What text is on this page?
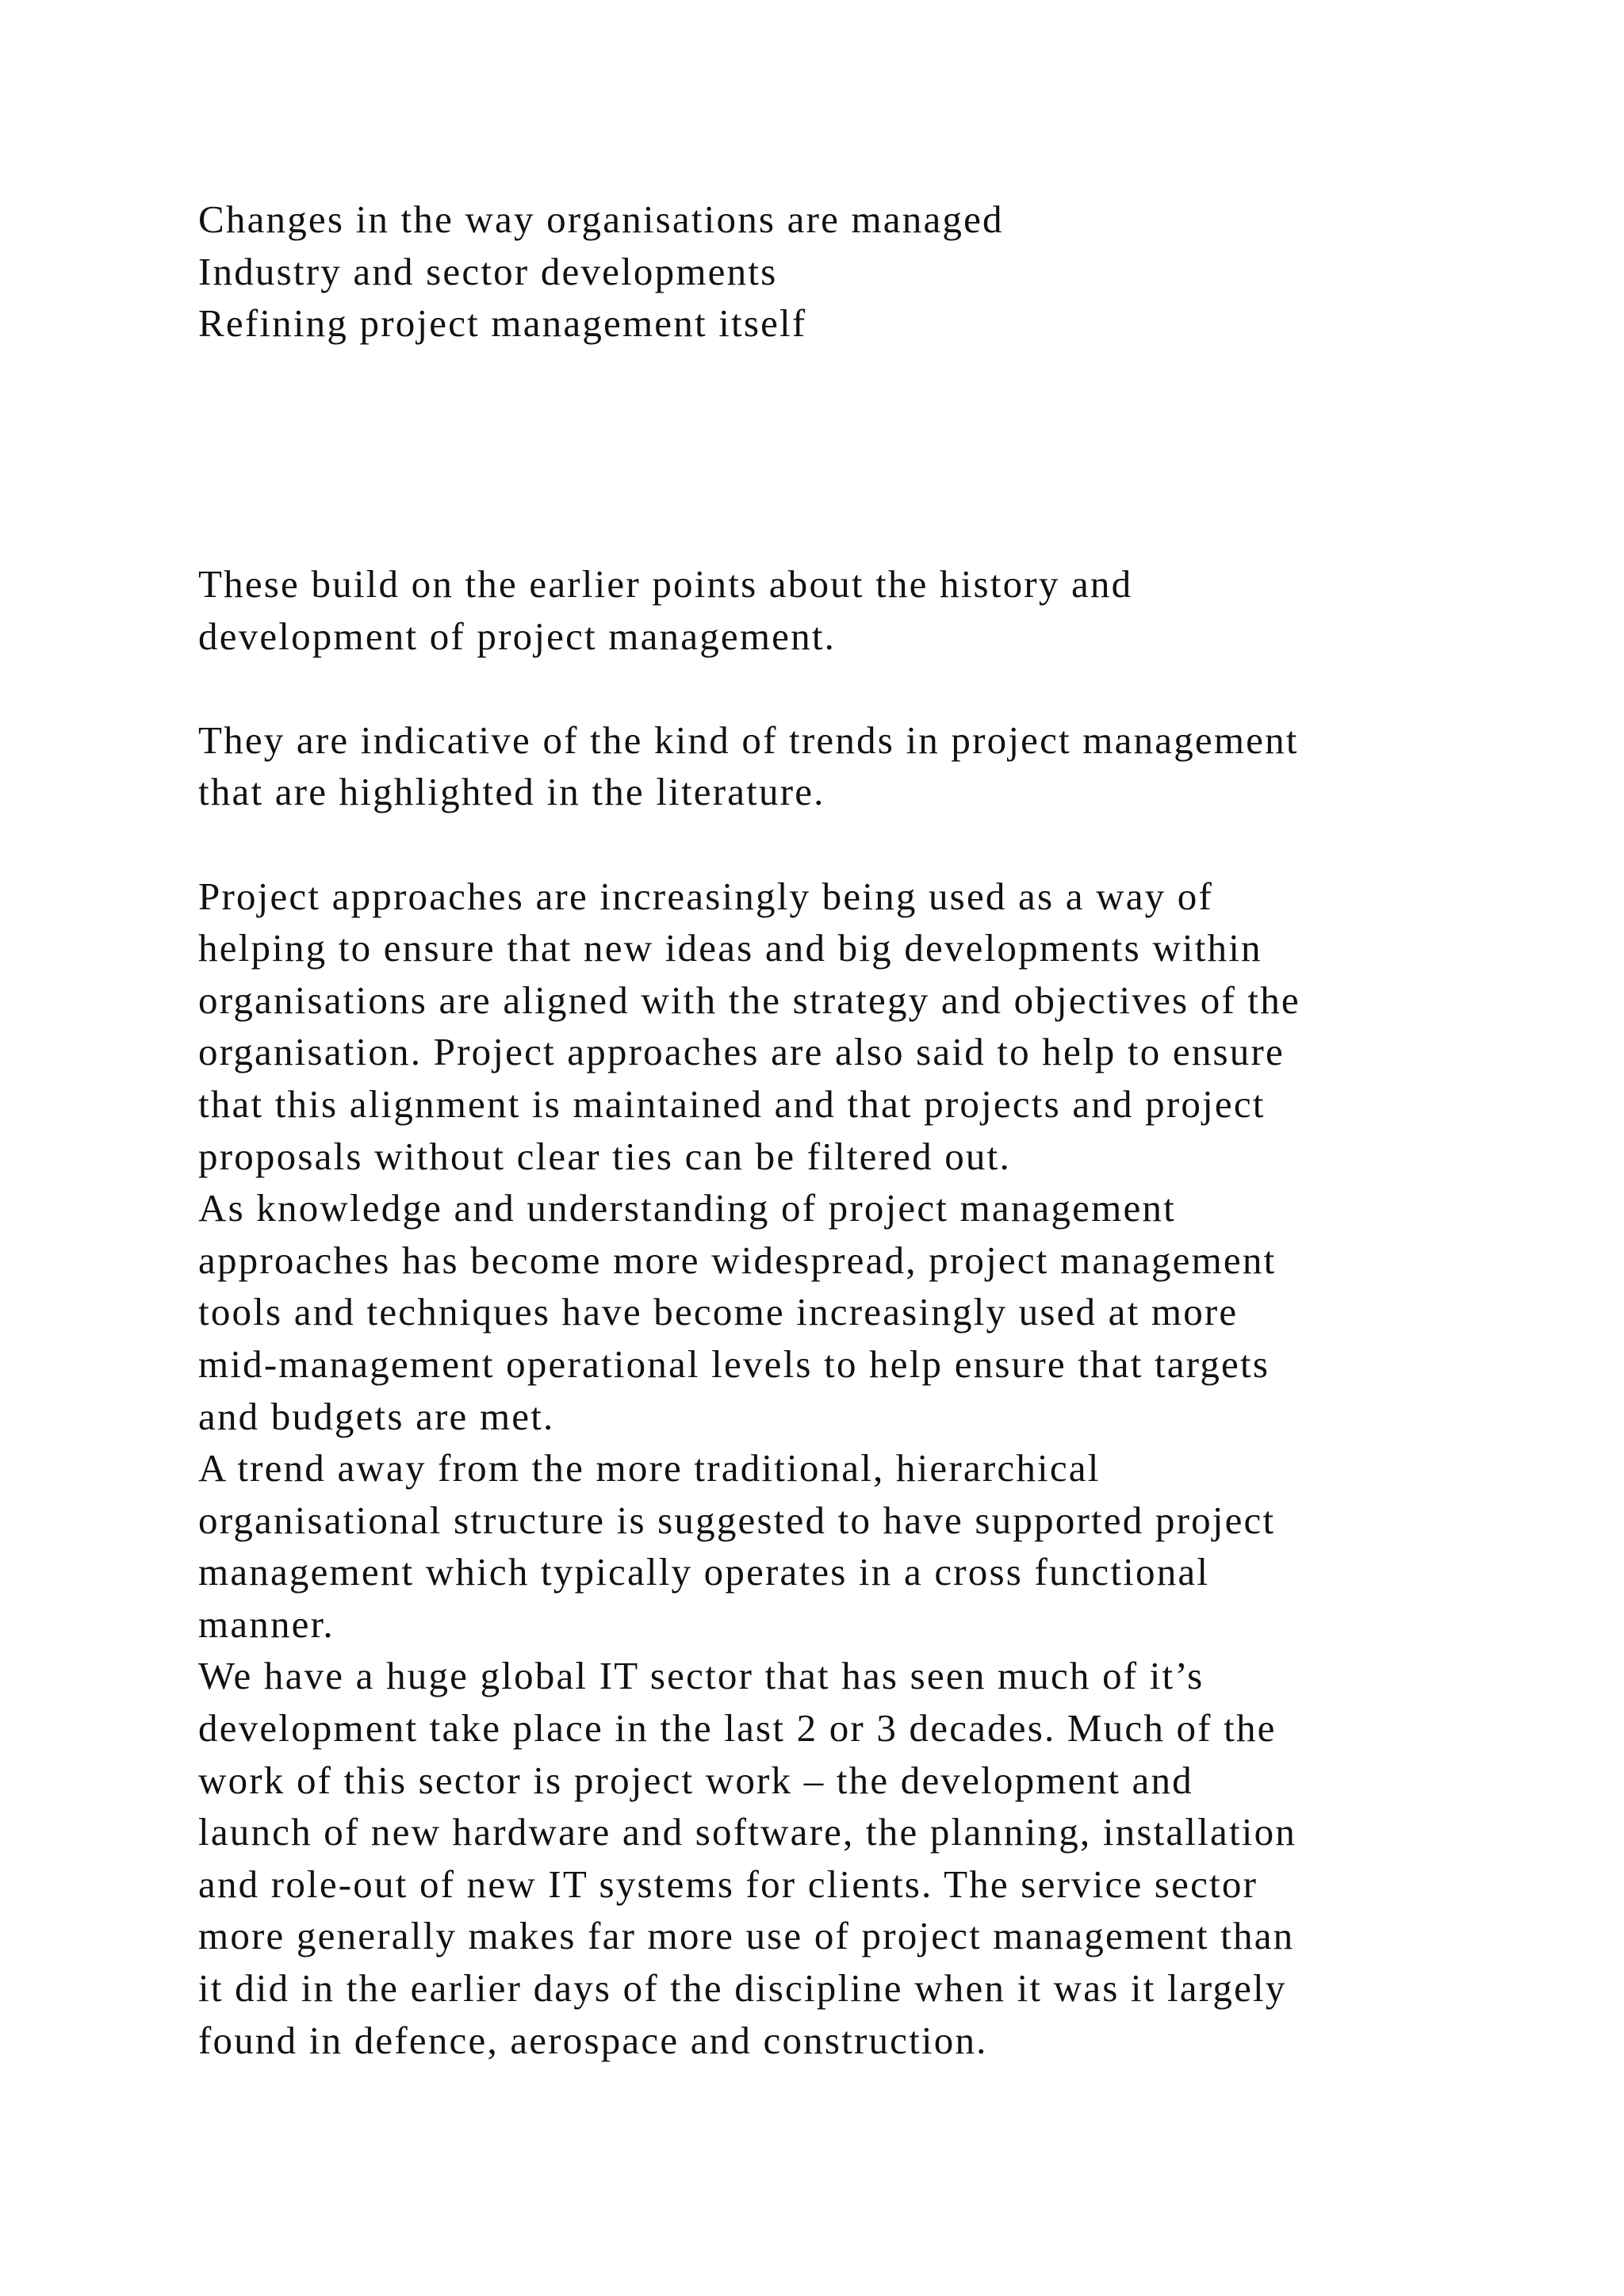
Changes in the way organisations are managed
Industry and sector developments
Refining project management itself
These build on the earlier points about the history and
development of project management.
They are indicative of the kind of trends in project management
that are highlighted in the literature.
Project approaches are increasingly being used as a way of
helping to ensure that new ideas and big developments within
organisations are aligned with the strategy and objectives of the
organisation. Project approaches are also said to help to ensure
that this alignment is maintained and that projects and project
proposals without clear ties can be filtered out.
As knowledge and understanding of project management
approaches has become more widespread, project management
tools and techniques have become increasingly used at more
mid-management operational levels to help ensure that targets
and budgets are met.
A trend away from the more traditional, hierarchical
organisational structure is suggested to have supported project
management which typically operates in a cross functional
manner.
We have a huge global IT sector that has seen much of it’s
development take place in the last 2 or 3 decades. Much of the
work of this sector is project work – the development and
launch of new hardware and software, the planning, installation
and role-out of new IT systems for clients. The service sector
more generally makes far more use of project management than
it did in the earlier days of the discipline when it was it largely
found in defence, aerospace and construction.
